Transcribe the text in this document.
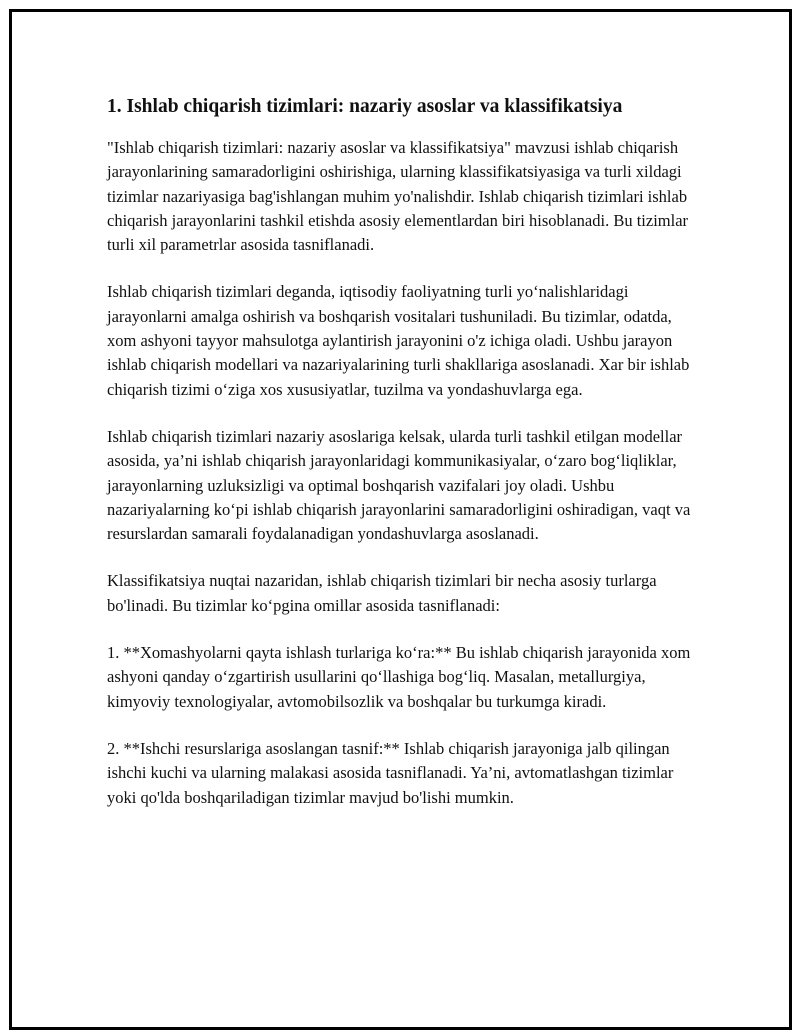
1. Ishlab chiqarish tizimlari: nazariy asoslar va klassifikatsiya

"Ishlab chiqarish tizimlari: nazariy asoslar va klassifikatsiya" mavzusi ishlab chiqarish jarayonlarining samaradorligini oshirishiga, ularning klassifikatsiyasiga va turli xildagi tizimlar nazariyasiga bag'ishlangan muhim yo'nalishdir. Ishlab chiqarish tizimlari ishlab chiqarish jarayonlarini tashkil etishda asosiy elementlardan biri hisoblanadi. Bu tizimlar turli xil parametrlar asosida tasniflanadi.

Ishlab chiqarish tizimlari deganda, iqtisodiy faoliyatning turli yo‘nalishlaridagi jarayonlarni amalga oshirish va boshqarish vositalari tushuniladi. Bu tizimlar, odatda, xom ashyoni tayyor mahsulotga aylantirish jarayonini o'z ichiga oladi. Ushbu jarayon ishlab chiqarish modellari va nazariyalarining turli shakllariga asoslanadi. Xar bir ishlab chiqarish tizimi o‘ziga xos xususiyatlar, tuzilma va yondashuvlarga ega.

Ishlab chiqarish tizimlari nazariy asoslariga kelsak, ularda turli tashkil etilgan modellar asosida, ya’ni ishlab chiqarish jarayonlaridagi kommunikasiyalar, o‘zaro bog‘liqliklar, jarayonlarning uzluksizligi va optimal boshqarish vazifalari joy oladi. Ushbu nazariyalarning ko‘pi ishlab chiqarish jarayonlarini samaradorligini oshiradigan, vaqt va resurslardan samarali foydalanadigan yondashuvlarga asoslanadi.

Klassifikatsiya nuqtai nazaridan, ishlab chiqarish tizimlari bir necha asosiy turlarga bo'linadi. Bu tizimlar ko‘pgina omillar asosida tasniflanadi:

1. **Xomashyolarni qayta ishlash turlariga ko‘ra:** Bu ishlab chiqarish jarayonida xom ashyoni qanday o‘zgartirish usullarini qo‘llashiga bog‘liq. Masalan, metallurgiya, kimyoviy texnologiyalar, avtomobilsozlik va boshqalar bu turkumga kiradi.

2. **Ishchi resurslariga asoslangan tasnif:** Ishlab chiqarish jarayoniga jalb qilingan ishchi kuchi va ularning malakasi asosida tasniflanadi. Ya’ni, avtomatlashgan tizimlar yoki qo'lda boshqariladigan tizimlar mavjud bo'lishi mumkin.
